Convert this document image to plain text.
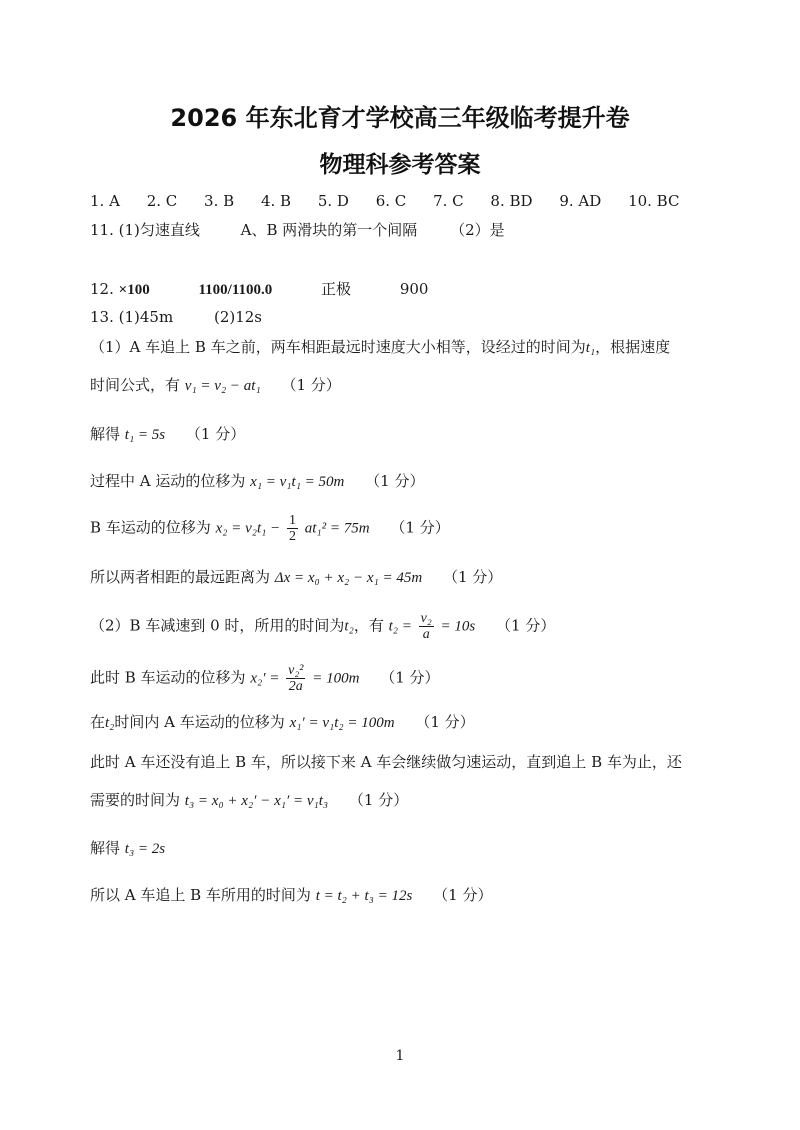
2026 年东北育才学校高三年级临考提升卷
物理科参考答案
1. A 2. C 3. B 4. B 5. D 6. C 7. C 8. BD 9. AD 10. BC
11. (1)匀速直线	A、B 两滑块的第一个间隔 （2）是
12. ×100	1100/1100.0	正极	900
13. (1)45m	(2)12s
（1）A 车追上 B 车之前，两车相距最远时速度大小相等，设经过的时间为t₁，根据速度
时间公式，有 v₁ = v₂ − at₁ （1 分）
解得 t₁ = 5s （1 分）
过程中 A 运动的位移为 x₁ = v₁t₁ = 50m （1 分）
B 车运动的位移为 $x_2 = v_2t_1 - \frac{1}{2} at_1^2 = 75m$ （1 分）
所以两者相距的最远距离为 Δx = x₀ + x₂ − x₁ = 45m （1 分）
（2）B 车减速到 0 时，所用的时间为t₂，有 $t_2 = \frac{\text{v₂}}{a} = 10s$ （1 分）
此时 B 车运动的位移为 $x_2' = \frac{\text{v₂²}}{2a} = 100m$ （1 分）
在t₂时间内 A 车运动的位移为 x₁′ = v₁t₂ = 100m （1 分）
此时 A 车还没有追上 B 车，所以接下来 A 车会继续做匀速运动，直到追上 B 车为止，还
需要的时间为 t₃ = x₀ + x₂′ − x₁′ = v₁t₃ （1 分）
解得 t₃ = 2s
所以 A 车追上 B 车所用的时间为 t = t₂ + t₃ = 12s （1 分）
1
